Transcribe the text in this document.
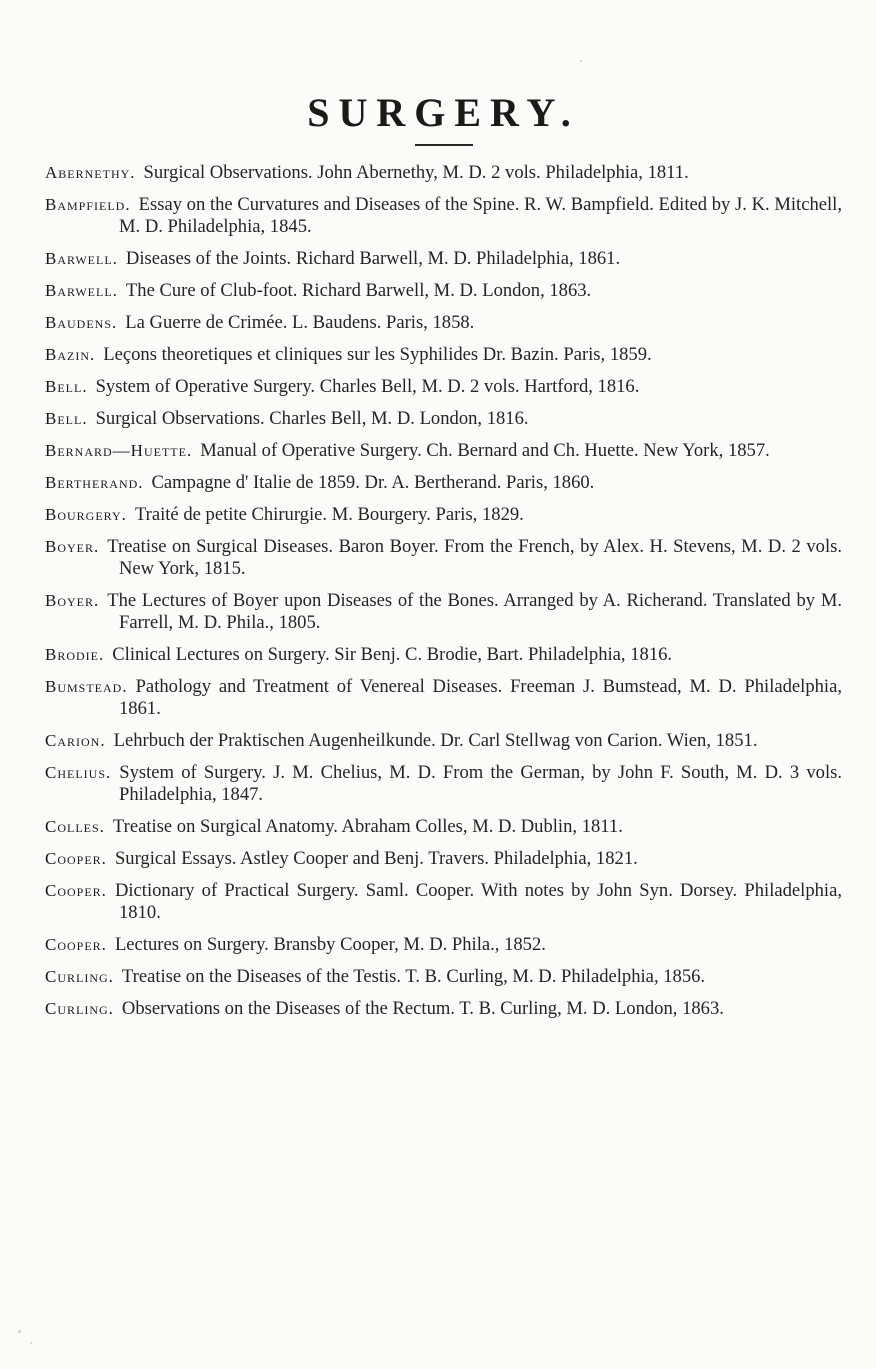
SURGERY.

Abernethy. Surgical Observations. John Abernethy, M. D. 2 vols. Philadelphia, 1811.

Bampfield. Essay on the Curvatures and Diseases of the Spine. R. W. Bampfield. Edited by J. K. Mitchell, M. D. Philadelphia, 1845.

Barwell. Diseases of the Joints. Richard Barwell, M. D. Philadelphia, 1861.

Barwell. The Cure of Club-foot. Richard Barwell, M. D. London, 1863.

Baudens. La Guerre de Crimée. L. Baudens. Paris, 1858.

Bazin. Leçons theoretiques et cliniques sur les Syphilides Dr. Bazin. Paris, 1859.

Bell. System of Operative Surgery. Charles Bell, M. D. 2 vols. Hartford, 1816.

Bell. Surgical Observations. Charles Bell, M. D. London, 1816.

Bernard—Huette. Manual of Operative Surgery. Ch. Bernard and Ch. Huette. New York, 1857.

Bertherand. Campagne d' Italie de 1859. Dr. A. Bertherand. Paris, 1860.

Bourgery. Traité de petite Chirurgie. M. Bourgery. Paris, 1829.

Boyer. Treatise on Surgical Diseases. Baron Boyer. From the French, by Alex. H. Stevens, M. D. 2 vols. New York, 1815.

Boyer. The Lectures of Boyer upon Diseases of the Bones. Arranged by A. Richerand. Translated by M. Farrell, M. D. Phila., 1805.

Brodie. Clinical Lectures on Surgery. Sir Benj. C. Brodie, Bart. Philadelphia, 1816.

Bumstead. Pathology and Treatment of Venereal Diseases. Freeman J. Bumstead, M. D. Philadelphia, 1861.

Carion. Lehrbuch der Praktischen Augenheilkunde. Dr. Carl Stellwag von Carion. Wien, 1851.

Chelius. System of Surgery. J. M. Chelius, M. D. From the German, by John F. South, M. D. 3 vols. Philadelphia, 1847.

Colles. Treatise on Surgical Anatomy. Abraham Colles, M. D. Dublin, 1811.

Cooper. Surgical Essays. Astley Cooper and Benj. Travers. Philadelphia, 1821.

Cooper. Dictionary of Practical Surgery. Saml. Cooper. With notes by John Syn. Dorsey. Philadelphia, 1810.

Cooper. Lectures on Surgery. Bransby Cooper, M. D. Phila., 1852.

Curling. Treatise on the Diseases of the Testis. T. B. Curling, M. D. Philadelphia, 1856.

Curling. Observations on the Diseases of the Rectum. T. B. Curling, M. D. London, 1863.
